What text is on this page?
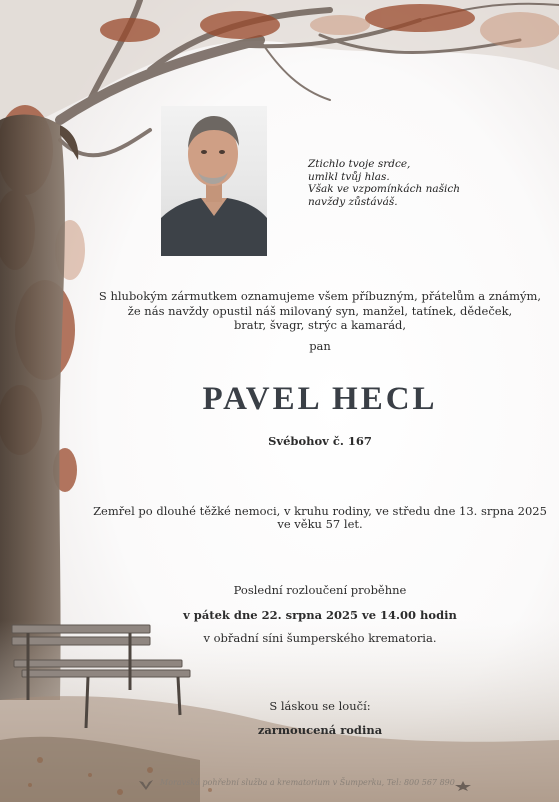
Ztichlo tvoje srdce,
umlkl tvůj hlas.
Však ve vzpomínkách našich
navždy zůstáváš.
S hlubokým zármutkem oznamujeme všem příbuzným, přátelům a známým,
že nás navždy opustil náš milovaný syn, manžel, tatínek, dědeček,
bratr, švagr, strýc a kamarád,
pan
PAVEL HECL
Svébohov č. 167
Zemřel po dlouhé těžké nemoci, v kruhu rodiny, ve středu dne 13. srpna 2025
ve věku 57 let.
Poslední rozloučení proběhne
v pátek dne 22. srpna 2025 ve 14.00 hodin
v obřadní síni šumperského krematoria.
S láskou se loučí:
zarmoucená rodina
Moravská pohřební služba a krematorium v Šumperku, Tel: 800 567 890
